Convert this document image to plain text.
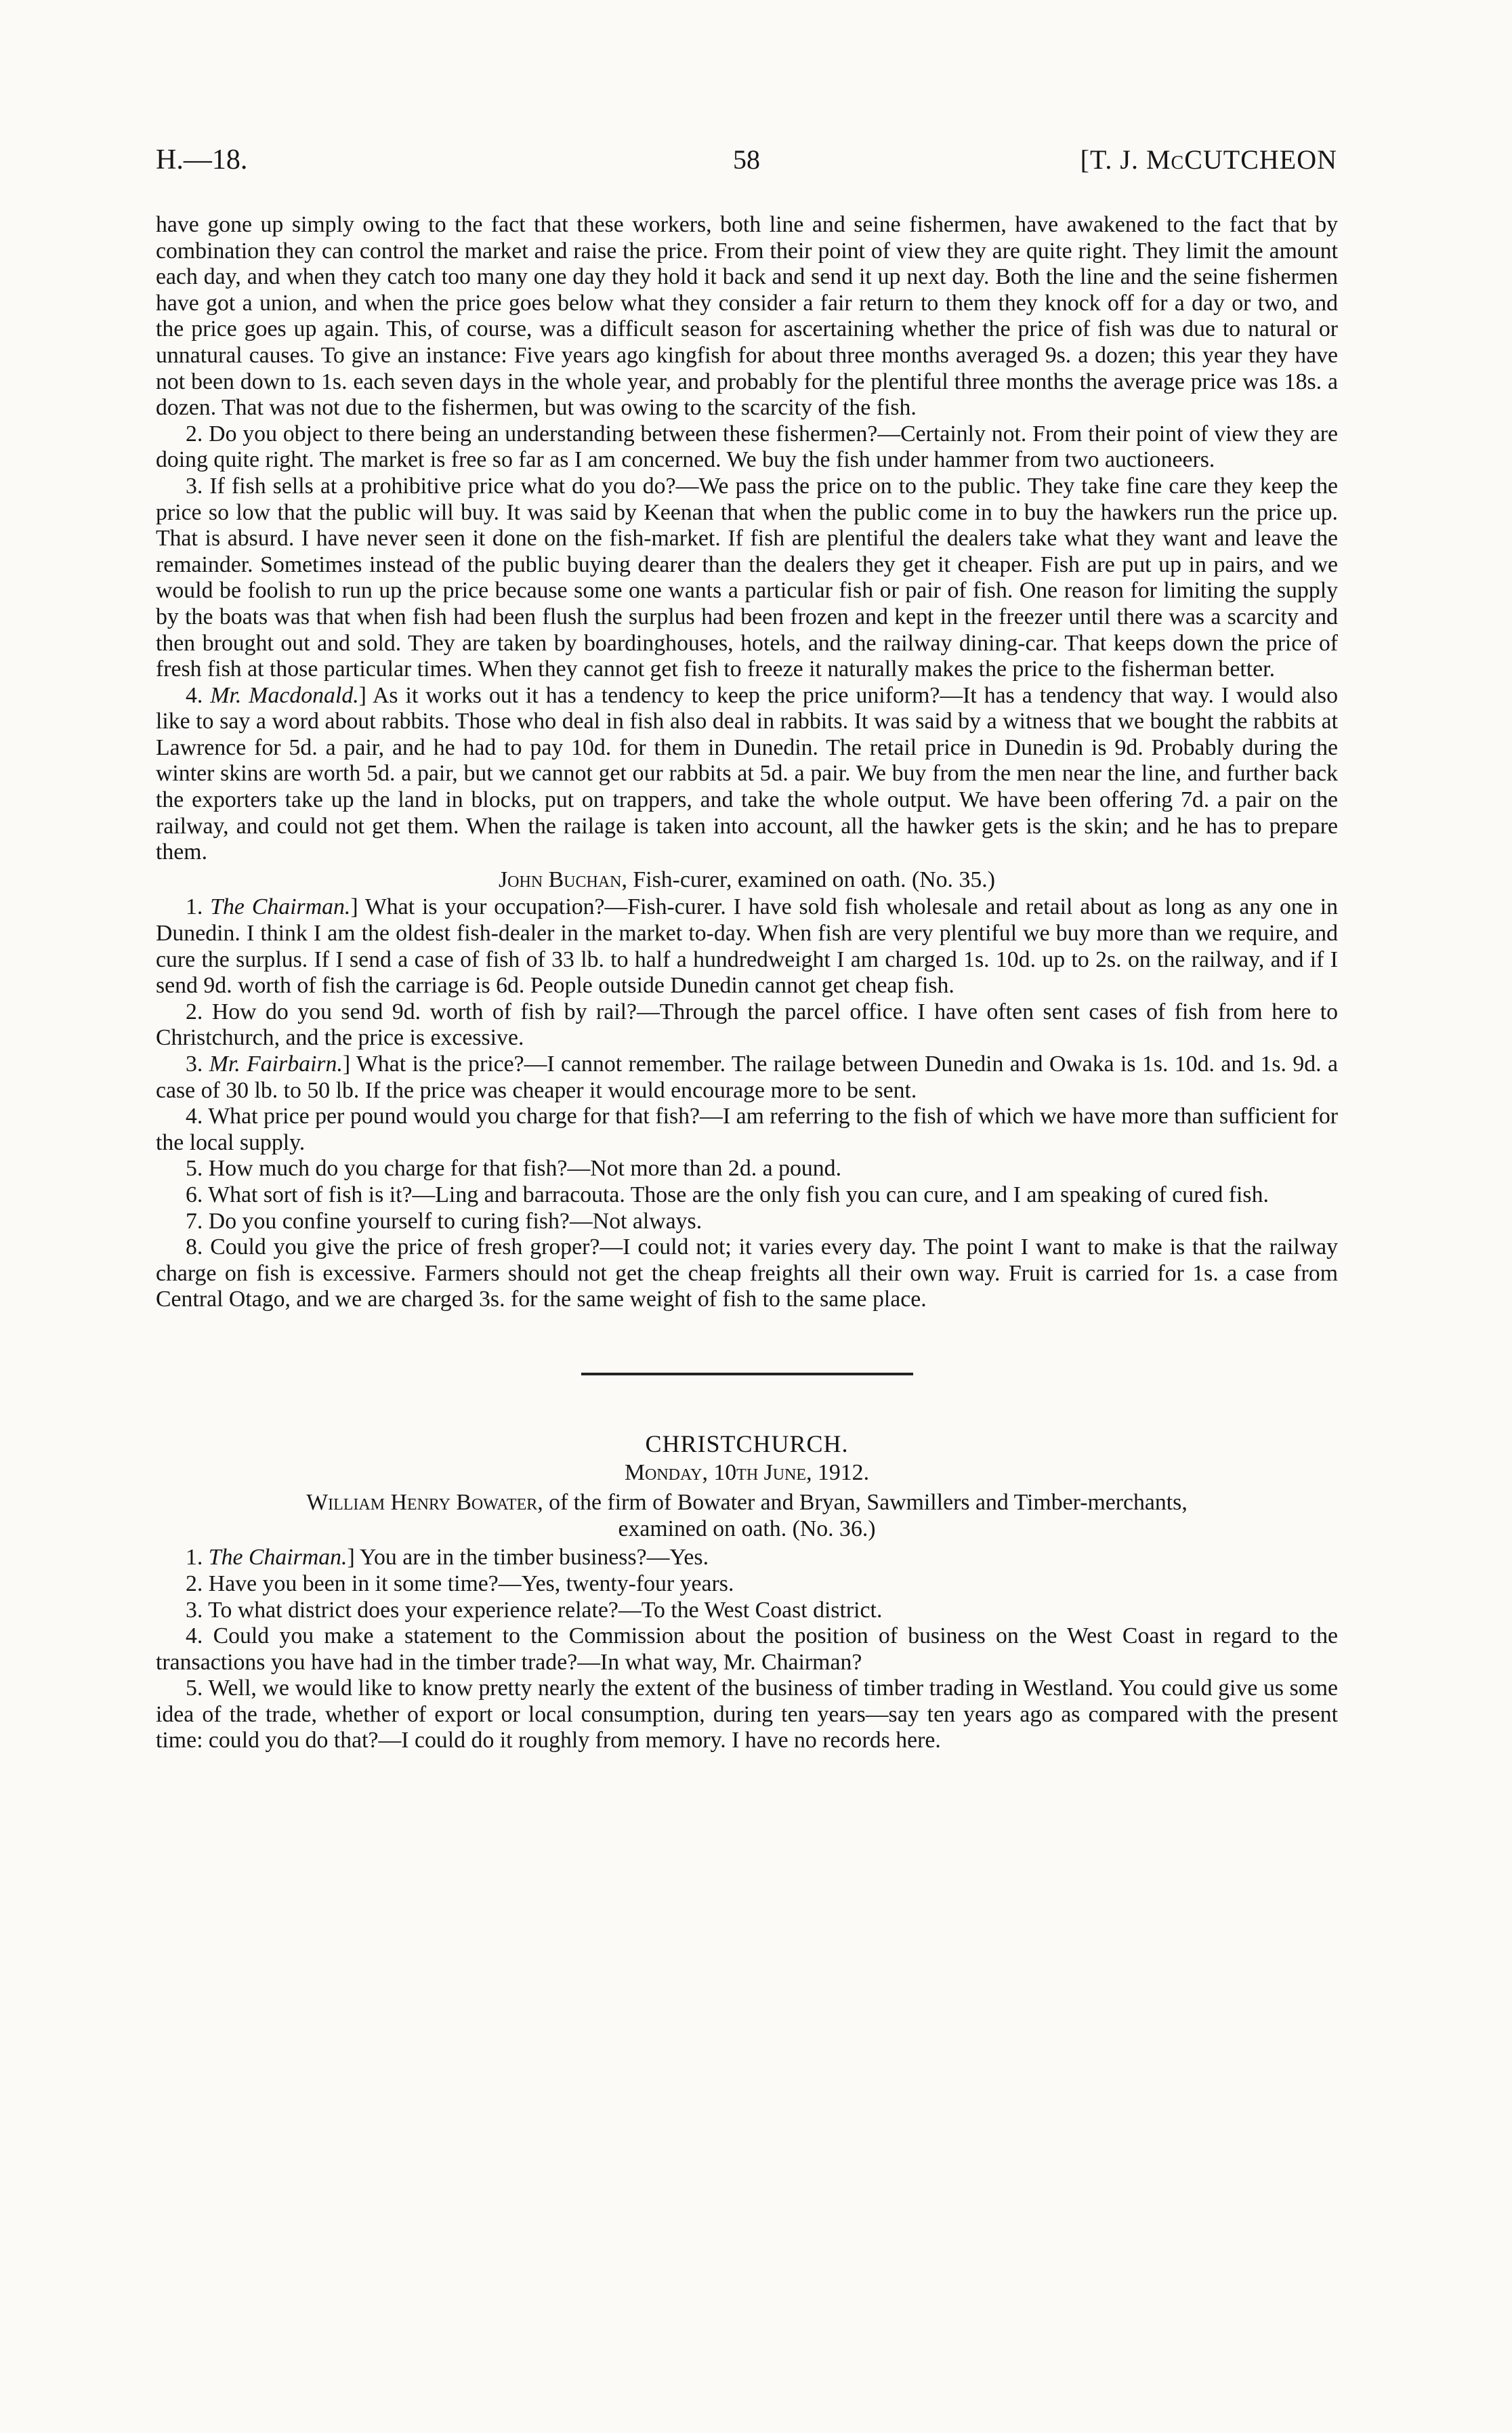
H.—18.	58	[T. J. McCUTCHEON

have gone up simply owing to the fact that these workers, both line and seine fishermen, have awakened to the fact that by combination they can control the market and raise the price. From their point of view they are quite right. They limit the amount each day, and when they catch too many one day they hold it back and send it up next day. Both the line and the seine fishermen have got a union, and when the price goes below what they consider a fair return to them they knock off for a day or two, and the price goes up again. This, of course, was a difficult season for ascertaining whether the price of fish was due to natural or unnatural causes. To give an instance: Five years ago kingfish for about three months averaged 9s. a dozen; this year they have not been down to 1s. each seven days in the whole year, and probably for the plentiful three months the average price was 18s. a dozen. That was not due to the fishermen, but was owing to the scarcity of the fish.

2. Do you object to there being an understanding between these fishermen?—Certainly not. From their point of view they are doing quite right. The market is free so far as I am concerned. We buy the fish under hammer from two auctioneers.

3. If fish sells at a prohibitive price what do you do?—We pass the price on to the public. They take fine care they keep the price so low that the public will buy. It was said by Keenan that when the public come in to buy the hawkers run the price up. That is absurd. I have never seen it done on the fish-market. If fish are plentiful the dealers take what they want and leave the remainder. Sometimes instead of the public buying dearer than the dealers they get it cheaper. Fish are put up in pairs, and we would be foolish to run up the price because some one wants a particular fish or pair of fish. One reason for limiting the supply by the boats was that when fish had been flush the surplus had been frozen and kept in the freezer until there was a scarcity and then brought out and sold. They are taken by boardinghouses, hotels, and the railway dining-car. That keeps down the price of fresh fish at those particular times. When they cannot get fish to freeze it naturally makes the price to the fisherman better.

4. Mr. Macdonald.] As it works out it has a tendency to keep the price uniform?—It has a tendency that way. I would also like to say a word about rabbits. Those who deal in fish also deal in rabbits. It was said by a witness that we bought the rabbits at Lawrence for 5d. a pair, and he had to pay 10d. for them in Dunedin. The retail price in Dunedin is 9d. Probably during the winter skins are worth 5d. a pair, but we cannot get our rabbits at 5d. a pair. We buy from the men near the line, and further back the exporters take up the land in blocks, put on trappers, and take the whole output. We have been offering 7d. a pair on the railway, and could not get them. When the railage is taken into account, all the hawker gets is the skin; and he has to prepare them.

John Buchan, Fish-curer, examined on oath. (No. 35.)

1. The Chairman.] What is your occupation?—Fish-curer. I have sold fish wholesale and retail about as long as any one in Dunedin. I think I am the oldest fish-dealer in the market to-day. When fish are very plentiful we buy more than we require, and cure the surplus. If I send a case of fish of 33 lb. to half a hundredweight I am charged 1s. 10d. up to 2s. on the railway, and if I send 9d. worth of fish the carriage is 6d. People outside Dunedin cannot get cheap fish.

2. How do you send 9d. worth of fish by rail?—Through the parcel office. I have often sent cases of fish from here to Christchurch, and the price is excessive.

3. Mr. Fairbairn.] What is the price?—I cannot remember. The railage between Dunedin and Owaka is 1s. 10d. and 1s. 9d. a case of 30 lb. to 50 lb. If the price was cheaper it would encourage more to be sent.

4. What price per pound would you charge for that fish?—I am referring to the fish of which we have more than sufficient for the local supply.

5. How much do you charge for that fish?—Not more than 2d. a pound.

6. What sort of fish is it?—Ling and barracouta. Those are the only fish you can cure, and I am speaking of cured fish.

7. Do you confine yourself to curing fish?—Not always.

8. Could you give the price of fresh groper?—I could not; it varies every day. The point I want to make is that the railway charge on fish is excessive. Farmers should not get the cheap freights all their own way. Fruit is carried for 1s. a case from Central Otago, and we are charged 3s. for the same weight of fish to the same place.

CHRISTCHURCH.
Monday, 10th June, 1912.
William Henry Bowater, of the firm of Bowater and Bryan, Sawmillers and Timber-merchants,
examined on oath. (No. 36.)

1. The Chairman.] You are in the timber business?—Yes.

2. Have you been in it some time?—Yes, twenty-four years.

3. To what district does your experience relate?—To the West Coast district.

4. Could you make a statement to the Commission about the position of business on the West Coast in regard to the transactions you have had in the timber trade?—In what way, Mr. Chairman?

5. Well, we would like to know pretty nearly the extent of the business of timber trading in Westland. You could give us some idea of the trade, whether of export or local consumption, during ten years—say ten years ago as compared with the present time: could you do that?—I could do it roughly from memory. I have no records here.
